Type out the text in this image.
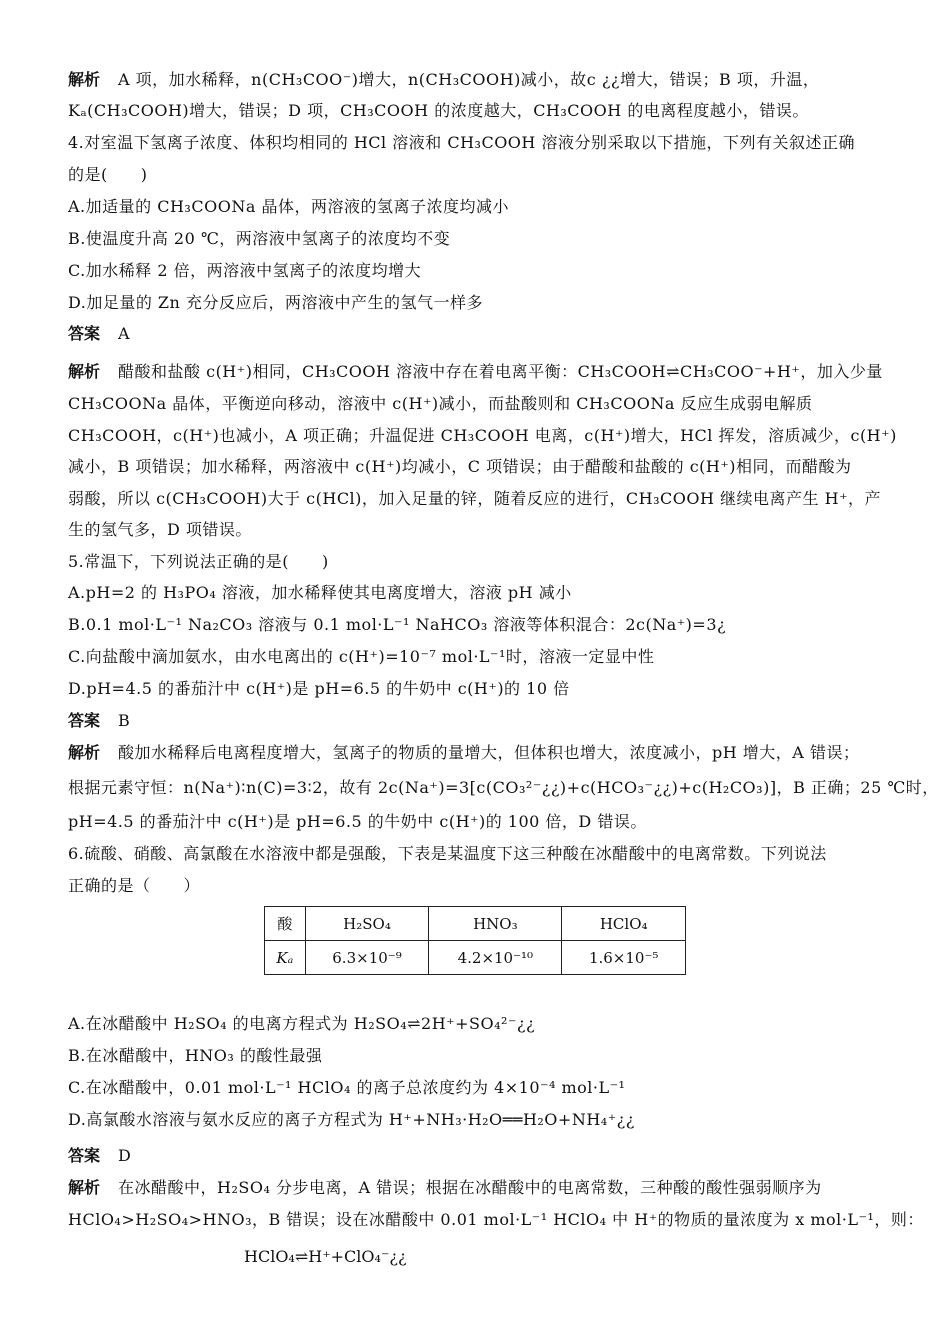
解析 A 项，加水稀释，n(CH₃COO⁻)增大，n(CH₃COOH)减小，故c ¿¿增大，错误；B 项，升温，
Kₐ(CH₃COOH)增大，错误；D 项，CH₃COOH 的浓度越大，CH₃COOH 的电离程度越小，错误。
4.对室温下氢离子浓度、体积均相同的 HCl 溶液和 CH₃COOH 溶液分别采取以下措施，下列有关叙述正确
的是(　　)
A.加适量的 CH₃COONa 晶体，两溶液的氢离子浓度均减小
B.使温度升高 20 ℃，两溶液中氢离子的浓度均不变
C.加水稀释 2 倍，两溶液中氢离子的浓度均增大
D.加足量的 Zn 充分反应后，两溶液中产生的氢气一样多
答案 A
解析 醋酸和盐酸 c(H⁺)相同，CH₃COOH 溶液中存在着电离平衡：CH₃COOH⇌CH₃COO⁻+H⁺，加入少量
CH₃COONa 晶体，平衡逆向移动，溶液中 c(H⁺)减小，而盐酸则和 CH₃COONa 反应生成弱电解质
CH₃COOH，c(H⁺)也减小，A 项正确；升温促进 CH₃COOH 电离，c(H⁺)增大，HCl 挥发，溶质减少，c(H⁺)
减小，B 项错误；加水稀释，两溶液中 c(H⁺)均减小，C 项错误；由于醋酸和盐酸的 c(H⁺)相同，而醋酸为
弱酸，所以 c(CH₃COOH)大于 c(HCl)，加入足量的锌，随着反应的进行，CH₃COOH 继续电离产生 H⁺，产
生的氢气多，D 项错误。
5.常温下，下列说法正确的是(　　)
A.pH=2 的 H₃PO₄ 溶液，加水稀释使其电离度增大，溶液 pH 减小
B.0.1 mol·L⁻¹ Na₂CO₃ 溶液与 0.1 mol·L⁻¹ NaHCO₃ 溶液等体积混合：2c(Na⁺)=3¿
C.向盐酸中滴加氨水，由水电离出的 c(H⁺)=10⁻⁷ mol·L⁻¹时，溶液一定显中性
D.pH=4.5 的番茄汁中 c(H⁺)是 pH=6.5 的牛奶中 c(H⁺)的 10 倍
答案 B
解析 酸加水稀释后电离程度增大，氢离子的物质的量增大，但体积也增大，浓度减小，pH 增大，A 错误；
根据元素守恒：n(Na⁺)∶n(C)=3∶2，故有 2c(Na⁺)=3[c(CO₃²⁻¿¿)+c(HCO₃⁻¿¿)+c(H₂CO₃)]，B 正确；25 ℃时，
pH=4.5 的番茄汁中 c(H⁺)是 pH=6.5 的牛奶中 c(H⁺)的 100 倍，D 错误。
6.硫酸、硝酸、高氯酸在水溶液中都是强酸，下表是某温度下这三种酸在冰醋酸中的电离常数。下列说法
正确的是（　　）
酸	H₂SO₄	HNO₃	HClO₄
Kₐ	6.3×10⁻⁹	4.2×10⁻¹⁰	1.6×10⁻⁵
A.在冰醋酸中 H₂SO₄ 的电离方程式为 H₂SO₄⇌2H⁺+SO₄²⁻¿¿
B.在冰醋酸中，HNO₃ 的酸性最强
C.在冰醋酸中，0.01 mol·L⁻¹ HClO₄ 的离子总浓度约为 4×10⁻⁴ mol·L⁻¹
D.高氯酸水溶液与氨水反应的离子方程式为 H⁺+NH₃·H₂O══H₂O+NH₄⁺¿¿
答案 D
解析 在冰醋酸中，H₂SO₄ 分步电离，A 错误；根据在冰醋酸中的电离常数，三种酸的酸性强弱顺序为
HClO₄>H₂SO₄>HNO₃，B 错误；设在冰醋酸中 0.01 mol·L⁻¹ HClO₄ 中 H⁺的物质的量浓度为 x mol·L⁻¹，则：
HClO₄⇌H⁺+ClO₄⁻¿¿
